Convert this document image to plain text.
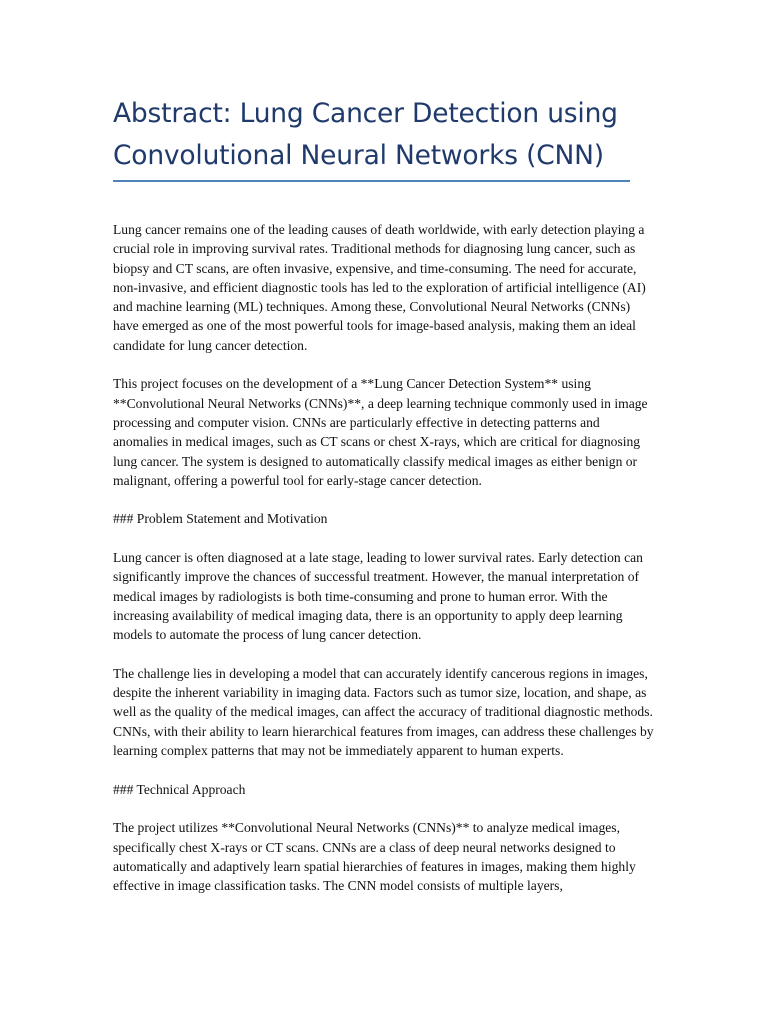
Abstract: Lung Cancer Detection using Convolutional Neural Networks (CNN)

Lung cancer remains one of the leading causes of death worldwide, with early detection playing a crucial role in improving survival rates. Traditional methods for diagnosing lung cancer, such as biopsy and CT scans, are often invasive, expensive, and time-consuming. The need for accurate, non-invasive, and efficient diagnostic tools has led to the exploration of artificial intelligence (AI) and machine learning (ML) techniques. Among these, Convolutional Neural Networks (CNNs) have emerged as one of the most powerful tools for image-based analysis, making them an ideal candidate for lung cancer detection.

This project focuses on the development of a **Lung Cancer Detection System** using **Convolutional Neural Networks (CNNs)**, a deep learning technique commonly used in image processing and computer vision. CNNs are particularly effective in detecting patterns and anomalies in medical images, such as CT scans or chest X-rays, which are critical for diagnosing lung cancer. The system is designed to automatically classify medical images as either benign or malignant, offering a powerful tool for early-stage cancer detection.

### Problem Statement and Motivation

Lung cancer is often diagnosed at a late stage, leading to lower survival rates. Early detection can significantly improve the chances of successful treatment. However, the manual interpretation of medical images by radiologists is both time-consuming and prone to human error. With the increasing availability of medical imaging data, there is an opportunity to apply deep learning models to automate the process of lung cancer detection.

The challenge lies in developing a model that can accurately identify cancerous regions in images, despite the inherent variability in imaging data. Factors such as tumor size, location, and shape, as well as the quality of the medical images, can affect the accuracy of traditional diagnostic methods. CNNs, with their ability to learn hierarchical features from images, can address these challenges by learning complex patterns that may not be immediately apparent to human experts.

### Technical Approach

The project utilizes **Convolutional Neural Networks (CNNs)** to analyze medical images, specifically chest X-rays or CT scans. CNNs are a class of deep neural networks designed to automatically and adaptively learn spatial hierarchies of features in images, making them highly effective in image classification tasks. The CNN model consists of multiple layers,
